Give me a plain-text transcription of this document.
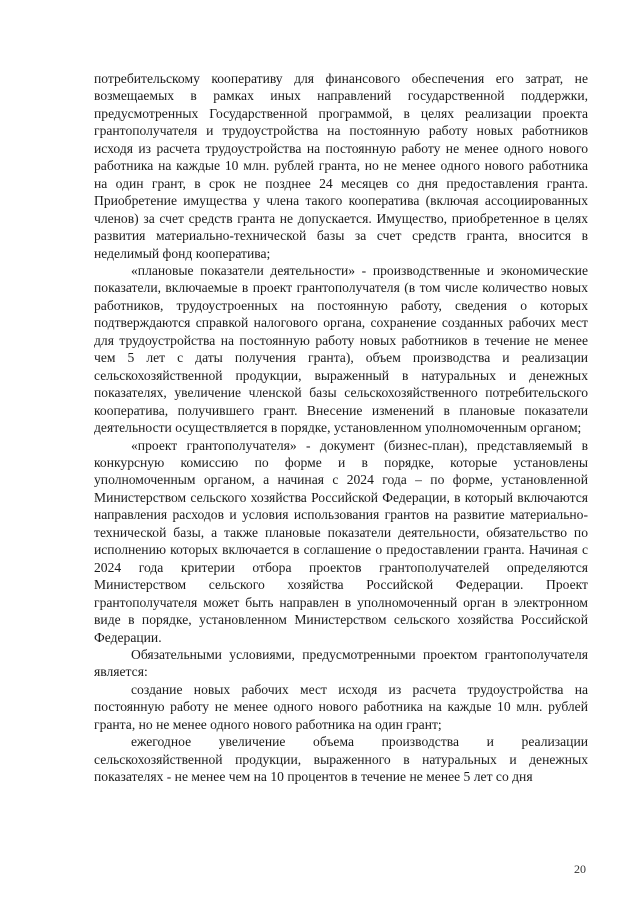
потребительскому кооперативу для финансового обеспечения его затрат, не возмещаемых в рамках иных направлений государственной поддержки, предусмотренных Государственной программой, в целях реализации проекта грантополучателя и трудоустройства на постоянную работу новых работников исходя из расчета трудоустройства на постоянную работу не менее одного нового работника на каждые 10 млн. рублей гранта, но не менее одного нового работника на один грант, в срок не позднее 24 месяцев со дня предоставления гранта. Приобретение имущества у члена такого кооператива (включая ассоциированных членов) за счет средств гранта не допускается. Имущество, приобретенное в целях развития материально-технической базы за счет средств гранта, вносится в неделимый фонд кооператива;

«плановые показатели деятельности» - производственные и экономические показатели, включаемые в проект грантополучателя (в том числе количество новых работников, трудоустроенных на постоянную работу, сведения о которых подтверждаются справкой налогового органа, сохранение созданных рабочих мест для трудоустройства на постоянную работу новых работников в течение не менее чем 5 лет с даты получения гранта), объем производства и реализации сельскохозяйственной продукции, выраженный в натуральных и денежных показателях, увеличение членской базы сельскохозяйственного потребительского кооператива, получившего грант. Внесение изменений в плановые показатели деятельности осуществляется в порядке, установленном уполномоченным органом;

«проект грантополучателя» - документ (бизнес-план), представляемый в конкурсную комиссию по форме и в порядке, которые установлены уполномоченным органом, а начиная с 2024 года – по форме, установленной Министерством сельского хозяйства Российской Федерации, в который включаются направления расходов и условия использования грантов на развитие материально-технической базы, а также плановые показатели деятельности, обязательство по исполнению которых включается в соглашение о предоставлении гранта. Начиная с 2024 года критерии отбора проектов грантополучателей определяются Министерством сельского хозяйства Российской Федерации. Проект грантополучателя может быть направлен в уполномоченный орган в электронном виде в порядке, установленном Министерством сельского хозяйства Российской Федерации.

Обязательными условиями, предусмотренными проектом грантополучателя является:

создание новых рабочих мест исходя из расчета трудоустройства на постоянную работу не менее одного нового работника на каждые 10 млн. рублей гранта, но не менее одного нового работника на один грант;

ежегодное увеличение объема производства и реализации сельскохозяйственной продукции, выраженного в натуральных и денежных показателях - не менее чем на 10 процентов в течение не менее 5 лет со дня

20
